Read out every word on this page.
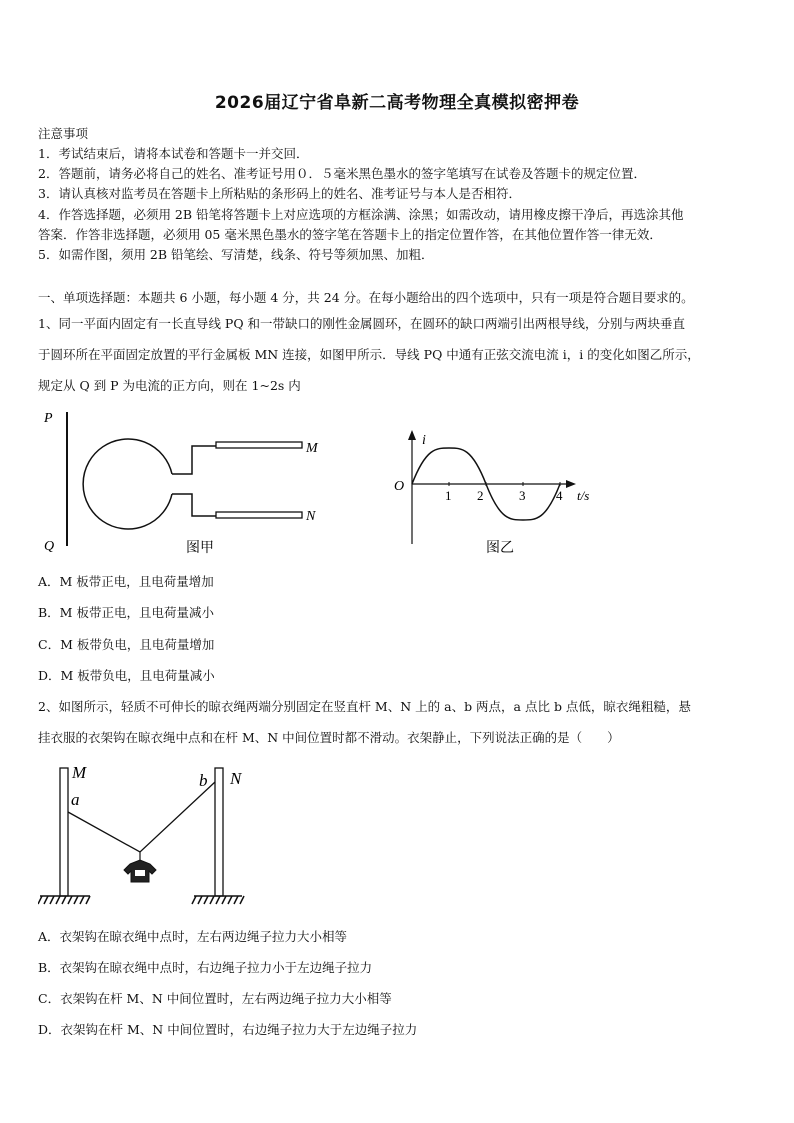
2026届辽宁省阜新二高考物理全真模拟密押卷
注意事项
1．考试结束后，请将本试卷和答题卡一并交回．
2．答题前，请务必将自己的姓名、准考证号用０．５毫米黑色墨水的签字笔填写在试卷及答题卡的规定位置．
3．请认真核对监考员在答题卡上所粘贴的条形码上的姓名、准考证号与本人是否相符．
4．作答选择题，必须用 2B 铅笔将答题卡上对应选项的方框涂满、涂黑；如需改动，请用橡皮擦干净后，再选涂其他
答案．作答非选择题，必须用 05 毫米黑色墨水的签字笔在答题卡上的指定位置作答，在其他位置作答一律无效．
5．如需作图，须用 2B 铅笔绘、写清楚，线条、符号等须加黑、加粗．
一、单项选择题：本题共 6 小题，每小题 4 分，共 24 分。在每小题给出的四个选项中，只有一项是符合题目要求的。
1、同一平面内固定有一长直导线 PQ 和一带缺口的刚性金属圆环，在圆环的缺口两端引出两根导线，分别与两块垂直
于圆环所在平面固定放置的平行金属板 MN 连接，如图甲所示．导线 PQ 中通有正弦交流电流 i，i 的变化如图乙所示，
规定从 Q 到 P 为电流的正方向，则在 1~2s 内
P
Q
M
N
图甲
i
O
t/s
1 2	3 4
图乙
A．M 板带正电，且电荷量增加
B．M 板带正电，且电荷量减小
C．M 板带负电，且电荷量增加
D．M 板带负电，且电荷量减小
2、如图所示，轻质不可伸长的晾衣绳两端分别固定在竖直杆 M、N 上的 a、b 两点，a 点比 b 点低，晾衣绳粗糙，悬
挂衣服的衣架钩在晾衣绳中点和在杆 M、N 中间位置时都不滑动。衣架静止，下列说法正确的是（　　）
M	N
a
b
A．衣架钩在晾衣绳中点时，左右两边绳子拉力大小相等
B．衣架钩在晾衣绳中点时，右边绳子拉力小于左边绳子拉力
C．衣架钩在杆 M、N 中间位置时，左右两边绳子拉力大小相等
D．衣架钩在杆 M、N 中间位置时，右边绳子拉力大于左边绳子拉力
